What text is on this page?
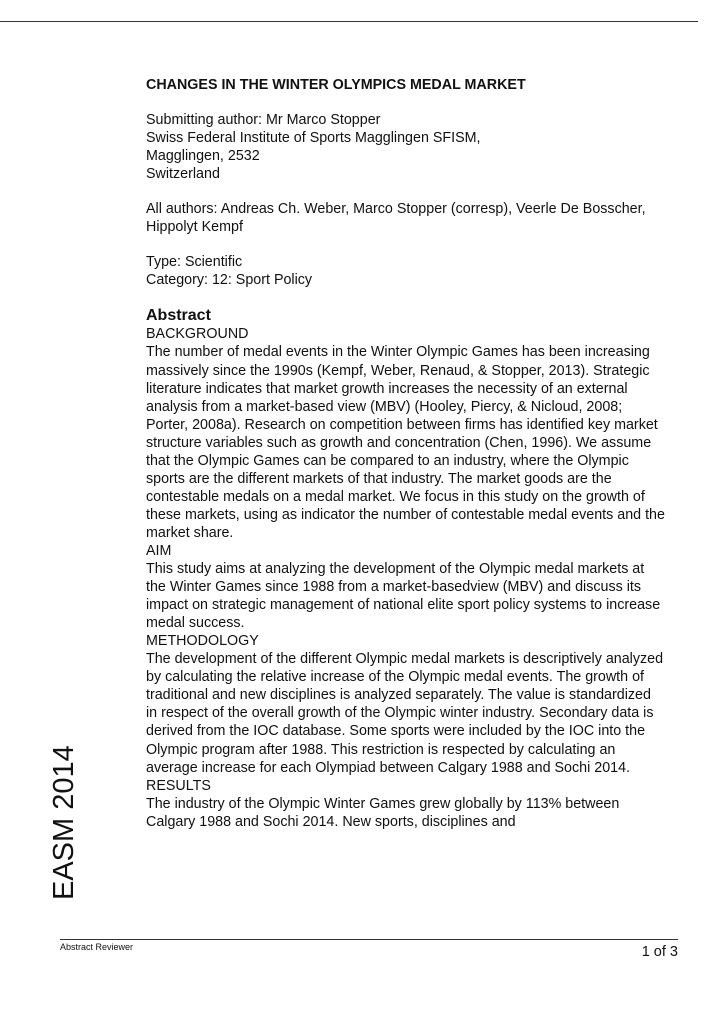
EASM 2014
CHANGES IN THE WINTER OLYMPICS MEDAL MARKET
Submitting author: Mr Marco Stopper
Swiss Federal Institute of Sports Magglingen SFISM,
Magglingen, 2532
Switzerland
All authors: Andreas Ch. Weber, Marco Stopper (corresp), Veerle De Bosscher, Hippolyt Kempf
Type: Scientific
Category: 12: Sport Policy
Abstract
BACKGROUND
The number of medal events in the Winter Olympic Games has been increasing massively since the 1990s (Kempf, Weber, Renaud, & Stopper, 2013). Strategic literature indicates that market growth increases the necessity of an external analysis from a market-based view (MBV) (Hooley, Piercy, & Nicloud, 2008; Porter, 2008a). Research on competition between firms has identified key market structure variables such as growth and concentration (Chen, 1996). We assume that the Olympic Games can be compared to an industry, where the Olympic sports are the different markets of that industry. The market goods are the contestable medals on a medal market. We focus in this study on the growth of these markets, using as indicator the number of contestable medal events and the market share.
AIM
This study aims at analyzing the development of the Olympic medal markets at the Winter Games since 1988 from a market-basedview (MBV) and discuss its impact on strategic management of national elite sport policy systems to increase medal success.
METHODOLOGY
The development of the different Olympic medal markets is descriptively analyzed by calculating the relative increase of the Olympic medal events. The growth of traditional and new disciplines is analyzed separately. The value is standardized in respect of the overall growth of the Olympic winter industry. Secondary data is derived from the IOC database. Some sports were included by the IOC into the Olympic program after 1988. This restriction is respected by calculating an average increase for each Olympiad between Calgary 1988 and Sochi 2014.
RESULTS
The industry of the Olympic Winter Games grew globally by 113% between Calgary 1988 and Sochi 2014. New sports, disciplines and
Abstract Reviewer	1 of 3
